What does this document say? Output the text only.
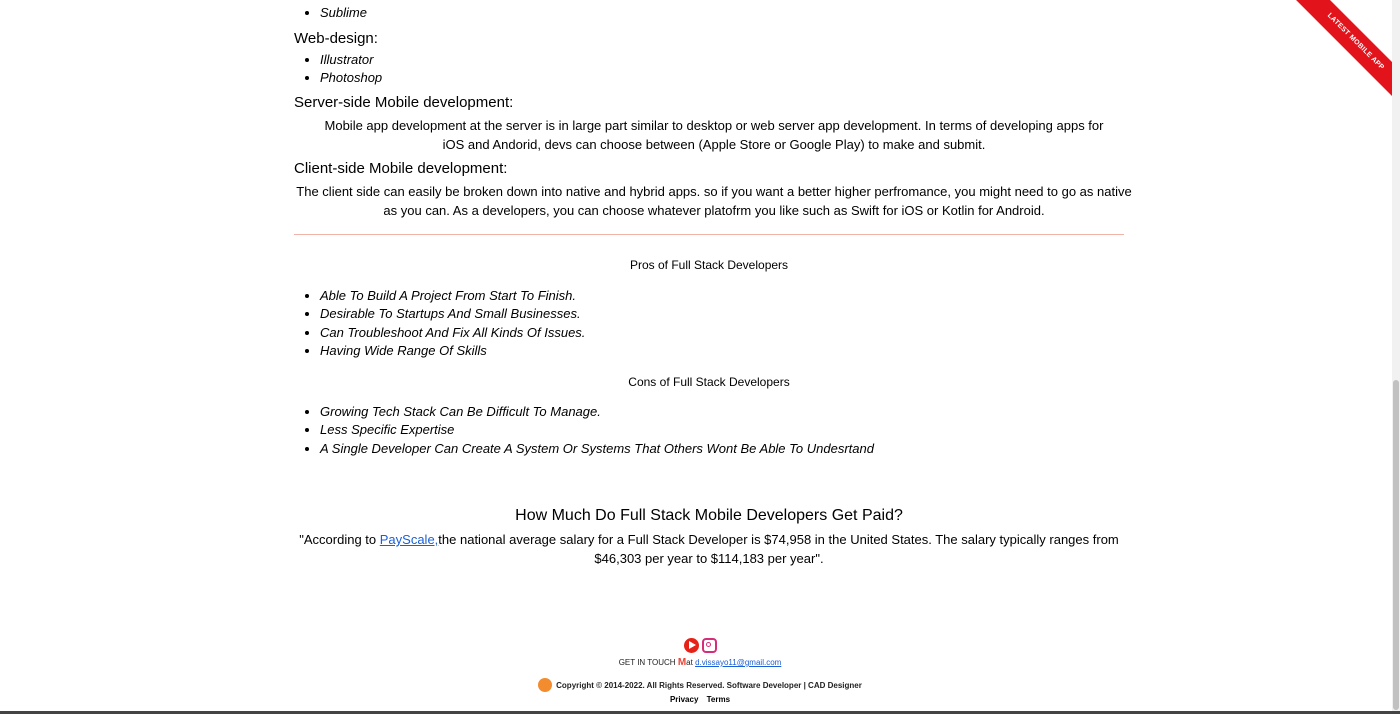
• Sublime
Web-design:
• Illustrator
• Photoshop
Server-side Mobile development:

Mobile app development at the server is in large part similar to desktop or web server app development. In terms of developing apps for iOS and Andorid, devs can choose between (Apple Store or Google Play) to make and submit.

Client-side Mobile development:

The client side can easily be broken down into native and hybrid apps. so if you want a better higher perfromance, you might need to go as native as you can. As a developers, you can choose whatever platofrm you like such as Swift for iOS or Kotlin for Android.

Pros of Full Stack Developers
• Able To Build A Project From Start To Finish.
• Desirable To Startups And Small Businesses.
• Can Troubleshoot And Fix All Kinds Of Issues.
• Having Wide Range Of Skills
Cons of Full Stack Developers
• Growing Tech Stack Can Be Difficult To Manage.
• Less Specific Expertise
• A Single Developer Can Create A System Or Systems That Others Wont Be Able To Undesrtand
How Much Do Full Stack Mobile Developers Get Paid?

"According to PayScale,the national average salary for a Full Stack Developer is $74,958 in the United States. The salary typically ranges from $46,303 per year to $114,183 per year".

GET IN TOUCH Mat d.vissayo11@gmail.com
Copyright © 2014-2022. All Rights Reserved. Software Developer | CAD Designer
Privacy Terms
LATEST MOBILE APP
